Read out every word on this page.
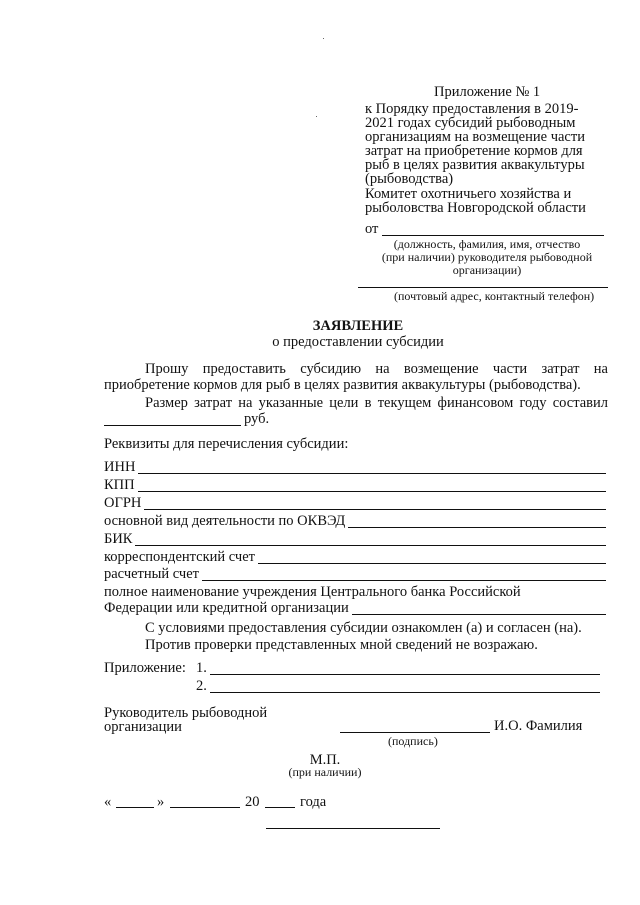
Приложение № 1
к Порядку предоставления в 2019-
2021 годах субсидий рыбоводным
организациям на возмещение части
затрат на приобретение кормов для
рыб в целях развития аквакультуры
(рыбоводства)
Комитет охотничьего хозяйства и
рыболовства Новгородской области
от
(должность, фамилия, имя, отчество
(при наличии) руководителя рыбоводной
организации)
(почтовый адрес, контактный телефон)
ЗАЯВЛЕНИЕ
о предоставлении субсидии
Прошу предоставить субсидию на возмещение части затрат на
приобретение кормов для рыб в целях развития аквакультуры (рыбоводства).
Размер затрат на указанные цели в текущем финансовом году составил
руб.
Реквизиты для перечисления субсидии:
ИНН
КПП
ОГРН
основной вид деятельности по ОКВЭД
БИК
корреспондентский счет
расчетный счет
полное наименование учреждения Центрального банка Российской
Федерации или кредитной организации
С условиями предоставления субсидии ознакомлен (а) и согласен (на).
Против проверки представленных мной сведений не возражаю.
Приложение: 1.
2.
Руководитель рыбоводной
организации	И.О. Фамилия
(подпись)
М.П.
(при наличии)
«	»	20	года
